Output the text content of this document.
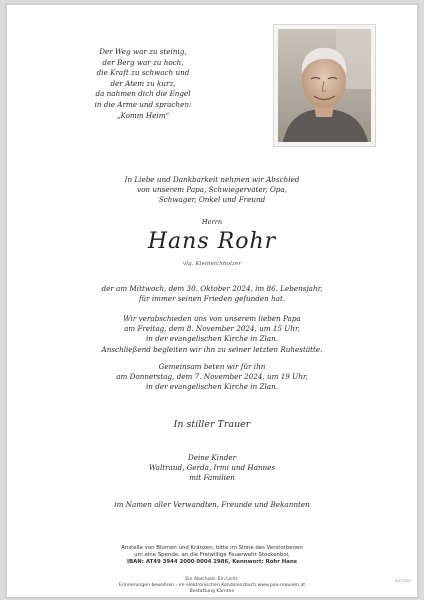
Der Weg war zu steinig,
der Berg war zu hoch,
die Kraft zu schwach und
der Atem zu kurz,
da nahmen dich die Engel
in die Arme und sprachen:
„Komm Heim“
In Liebe und Dankbarkeit nehmen wir Abschied
von unserem Papa, Schwiegervater, Opa,
Schwager, Onkel und Freund
Herrn
Hans Rohr
vlg. Kleineichholzer
der am Mittwoch, dem 30. Oktober 2024, im 86. Lebensjahr,
für immer seinen Frieden gefunden hat.
Wir verabschieden uns von unserem lieben Papa
am Freitag, dem 8. November 2024, um 15 Uhr,
in der evangelischen Kirche in Zlan.
Anschließend begleiten wir ihn zu seiner letzten Ruhestätte.
Gemeinsam beten wir für ihn
am Donnerstag, dem 7. November 2024, um 19 Uhr,
in der evangelischen Kirche in Zlan.
In stiller Trauer
Deine Kinder
Waltraud, Gerda, Irmi und Hannes
mit Familien
im Namen aller Verwandten, Freunde und Bekannten
Anstelle von Blumen und Kränzen, bitte im Sinne des Verstorbenen
um eine Spende, an die Freiwillige Feuerwehr Stockenboi,
IBAN: AT49 3944 2000 0004 2986, Kennwort: Rohr Hans
Ein Abschied. Ein Licht.
Erinnerungen bewahren - im elektronischen Kondolenzbuch www.pax-requiem.at
Bestattung Kärnten
K-07-2/07
